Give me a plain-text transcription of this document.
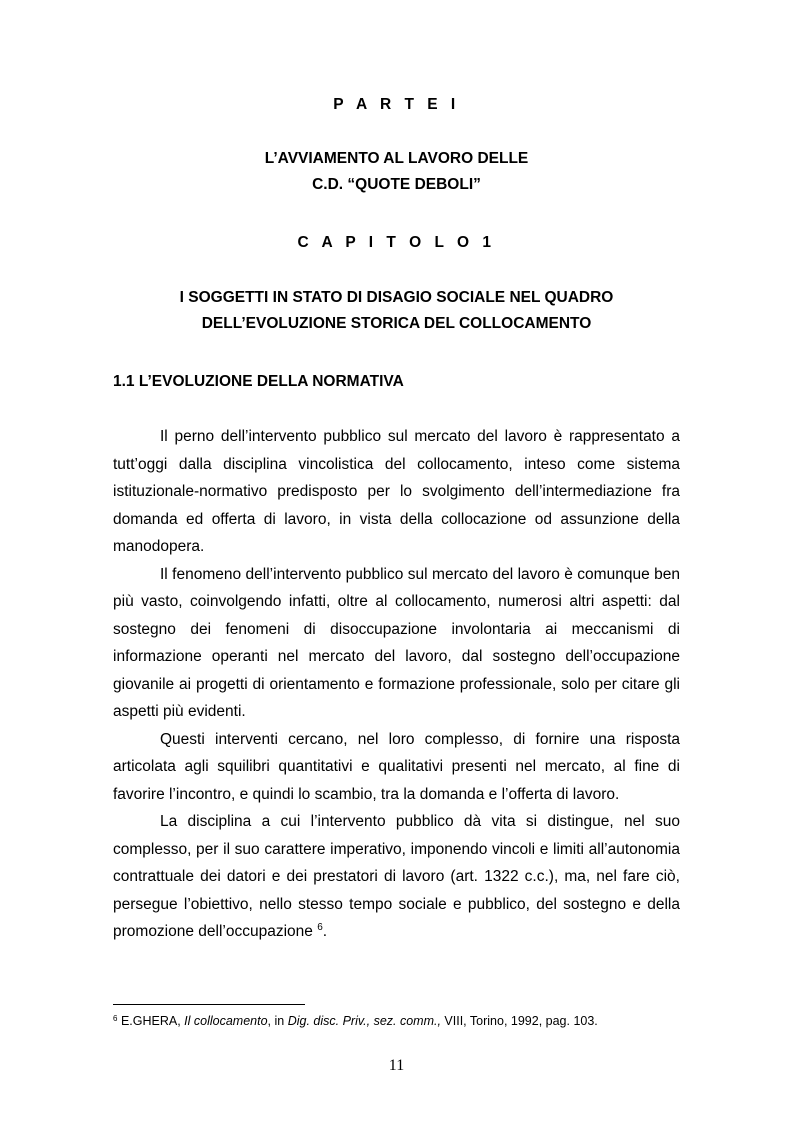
P A R T E I
L’AVVIAMENTO AL LAVORO DELLE
C.D. “QUOTE DEBOLI”
C A P I T O L O 1
I SOGGETTI IN STATO DI DISAGIO SOCIALE NEL QUADRO
DELL’EVOLUZIONE STORICA DEL COLLOCAMENTO
1.1 L’EVOLUZIONE DELLA NORMATIVA

Il perno dell’intervento pubblico sul mercato del lavoro è rappresentato a tutt’oggi dalla disciplina vincolistica del collocamento, inteso come sistema istituzionale-normativo predisposto per lo svolgimento dell’intermediazione fra domanda ed offerta di lavoro, in vista della collocazione od assunzione della manodopera.

Il fenomeno dell’intervento pubblico sul mercato del lavoro è comunque ben più vasto, coinvolgendo infatti, oltre al collocamento, numerosi altri aspetti: dal sostegno dei fenomeni di disoccupazione involontaria ai meccanismi di informazione operanti nel mercato del lavoro, dal sostegno dell’occupazione giovanile ai progetti di orientamento e formazione professionale, solo per citare gli aspetti più evidenti.

Questi interventi cercano, nel loro complesso, di fornire una risposta articolata agli squilibri quantitativi e qualitativi presenti nel mercato, al fine di favorire l’incontro, e quindi lo scambio, tra la domanda e l’offerta di lavoro.

La disciplina a cui l’intervento pubblico dà vita si distingue, nel suo complesso, per il suo carattere imperativo, imponendo vincoli e limiti all’autonomia contrattuale dei datori e dei prestatori di lavoro (art. 1322 c.c.), ma, nel fare ciò, persegue l’obiettivo, nello stesso tempo sociale e pubblico, del sostegno e della promozione dell’occupazione $^6$.

$^6$ E.GHERA, Il collocamento, in Dig. disc. Priv., sez. comm., VIII, Torino, 1992, pag. 103.
11
